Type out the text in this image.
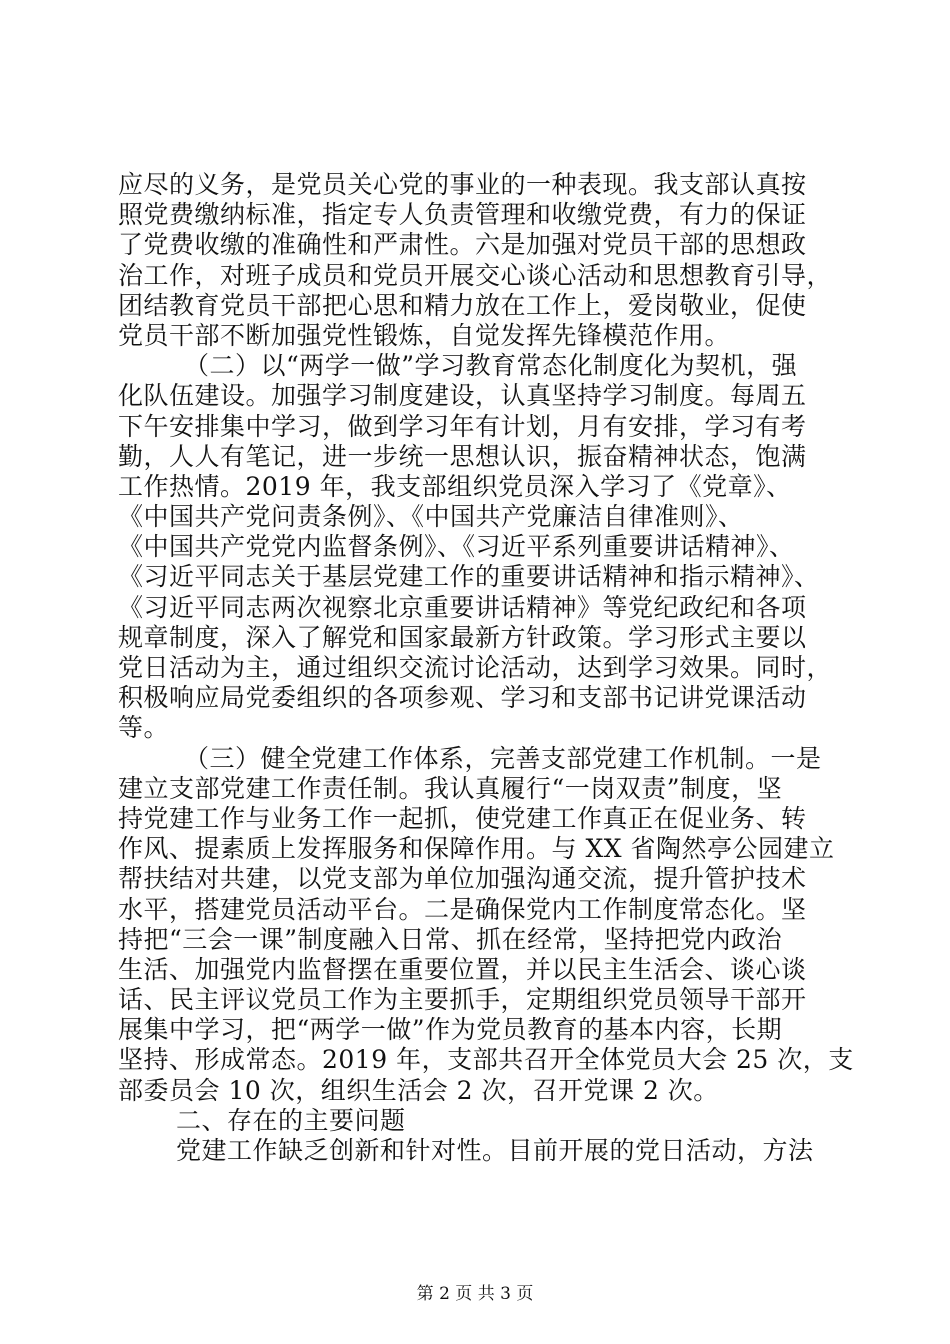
应尽的义务，是党员关心党的事业的一种表现。我支部认真按
照党费缴纳标准，指定专人负责管理和收缴党费，有力的保证
了党费收缴的准确性和严肃性。六是加强对党员干部的思想政
治工作，对班子成员和党员开展交心谈心活动和思想教育引导，
团结教育党员干部把心思和精力放在工作上，爱岗敬业，促使
党员干部不断加强党性锻炼，自觉发挥先锋模范作用。
（二）以“两学一做”学习教育常态化制度化为契机，强
化队伍建设。加强学习制度建设，认真坚持学习制度。每周五
下午安排集中学习，做到学习年有计划，月有安排，学习有考
勤，人人有笔记，进一步统一思想认识，振奋精神状态，饱满
工作热情。2019 年，我支部组织党员深入学习了《党章》、
《中国共产党问责条例》、《中国共产党廉洁自律准则》、
《中国共产党党内监督条例》、《习近平系列重要讲话精神》、
《习近平同志关于基层党建工作的重要讲话精神和指示精神》、
《习近平同志两次视察北京重要讲话精神》等党纪政纪和各项
规章制度，深入了解党和国家最新方针政策。学习形式主要以
党日活动为主，通过组织交流讨论活动，达到学习效果。同时，
积极响应局党委组织的各项参观、学习和支部书记讲党课活动
等。
（三）健全党建工作体系，完善支部党建工作机制。一是
建立支部党建工作责任制。我认真履行“一岗双责”制度，坚
持党建工作与业务工作一起抓，使党建工作真正在促业务、转
作风、提素质上发挥服务和保障作用。与 XX 省陶然亭公园建立
帮扶结对共建，以党支部为单位加强沟通交流，提升管护技术
水平，搭建党员活动平台。二是确保党内工作制度常态化。坚
持把“三会一课”制度融入日常、抓在经常，坚持把党内政治
生活、加强党内监督摆在重要位置，并以民主生活会、谈心谈
话、民主评议党员工作为主要抓手，定期组织党员领导干部开
展集中学习，把“两学一做”作为党员教育的基本内容，长期
坚持、形成常态。2019 年，支部共召开全体党员大会 25 次，支
部委员会 10 次，组织生活会 2 次，召开党课 2 次。
二、存在的主要问题
党建工作缺乏创新和针对性。目前开展的党日活动，方法
第 2 页 共 3 页
